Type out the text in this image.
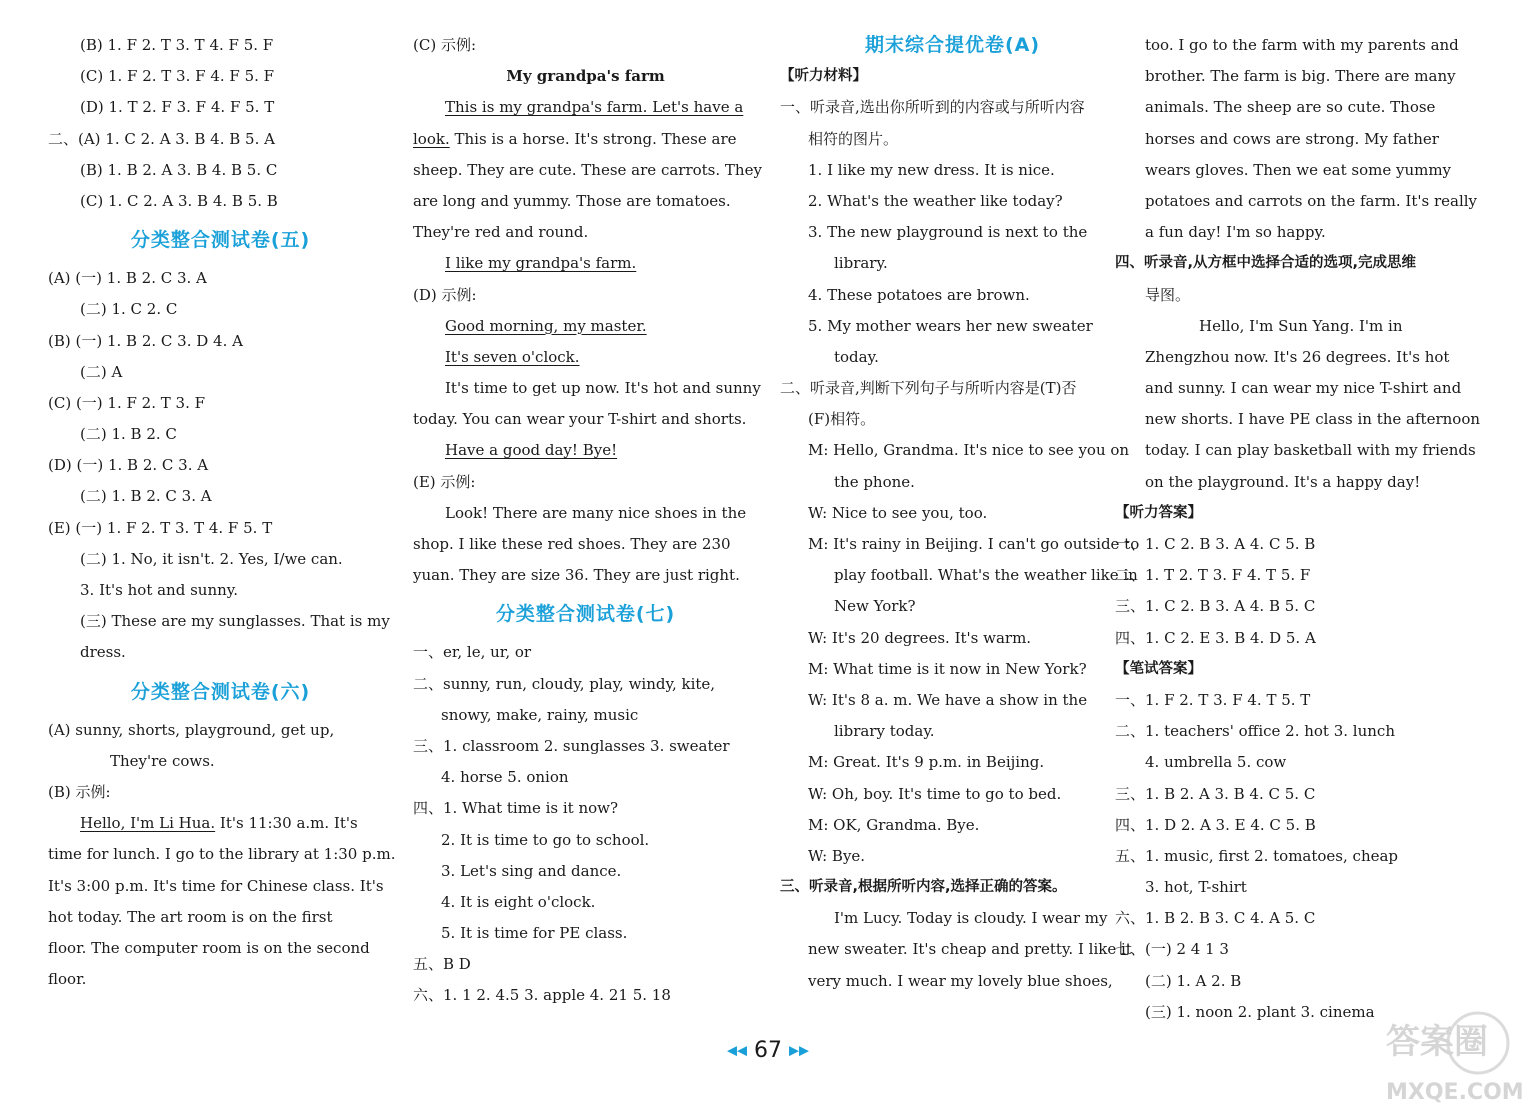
(B) 1. F 2. T 3. T 4. F 5. F
(C) 1. F 2. T 3. F 4. F 5. F
(D) 1. T 2. F 3. F 4. F 5. T
二、(A) 1. C 2. A 3. B 4. B 5. A
(B) 1. B 2. A 3. B 4. B 5. C
(C) 1. C 2. A 3. B 4. B 5. B
分类整合测试卷(五)
(A) (一) 1. B 2. C 3. A
(二) 1. C 2. C
(B) (一) 1. B 2. C 3. D 4. A
(二) A
(C) (一) 1. F 2. T 3. F
(二) 1. B 2. C
(D) (一) 1. B 2. C 3. A
(二) 1. B 2. C 3. A
(E) (一) 1. F 2. T 3. T 4. F 5. T
(二) 1. No, it isn't. 2. Yes, I/we can.
3. It's hot and sunny.
(三) These are my sunglasses. That is my
dress.
分类整合测试卷(六)
(A) sunny, shorts, playground, get up,
They're cows.
(B) 示例:
Hello, I'm Li Hua. It's 11:30 a.m. It's
time for lunch. I go to the library at 1:30 p.m.
It's 3:00 p.m. It's time for Chinese class. It's
hot today. The art room is on the first
floor. The computer room is on the second
floor.
(C) 示例:
My grandpa's farm
This is my grandpa's farm. Let's have a
look. This is a horse. It's strong. These are
sheep. They are cute. These are carrots. They
are long and yummy. Those are tomatoes.
They're red and round.
I like my grandpa's farm.
(D) 示例:
Good morning, my master.
It's seven o'clock.
It's time to get up now. It's hot and sunny
today. You can wear your T-shirt and shorts.
Have a good day! Bye!
(E) 示例:
Look! There are many nice shoes in the
shop. I like these red shoes. They are 230
yuan. They are size 36. They are just right.
分类整合测试卷(七)
一、er, le, ur, or
二、sunny, run, cloudy, play, windy, kite,
snowy, make, rainy, music
三、1. classroom 2. sunglasses 3. sweater
4. horse 5. onion
四、1. What time is it now?
2. It is time to go to school.
3. Let's sing and dance.
4. It is eight o'clock.
5. It is time for PE class.
五、B D
六、1. 1 2. 4.5 3. apple 4. 21 5. 18
期末综合提优卷(A)
【听力材料】
一、听录音,选出你所听到的内容或与所听内容
相符的图片。
1. I like my new dress. It is nice.
2. What's the weather like today?
3. The new playground is next to the
library.
4. These potatoes are brown.
5. My mother wears her new sweater
today.
二、听录音,判断下列句子与所听内容是(T)否
(F)相符。
M: Hello, Grandma. It's nice to see you on
the phone.
W: Nice to see you, too.
M: It's rainy in Beijing. I can't go outside to
play football. What's the weather like in
New York?
W: It's 20 degrees. It's warm.
M: What time is it now in New York?
W: It's 8 a. m. We have a show in the
library today.
M: Great. It's 9 p.m. in Beijing.
W: Oh, boy. It's time to go to bed.
M: OK, Grandma. Bye.
W: Bye.
三、听录音,根据所听内容,选择正确的答案。
I'm Lucy. Today is cloudy. I wear my
new sweater. It's cheap and pretty. I like it
very much. I wear my lovely blue shoes,
too. I go to the farm with my parents and
brother. The farm is big. There are many
animals. The sheep are so cute. Those
horses and cows are strong. My father
wears gloves. Then we eat some yummy
potatoes and carrots on the farm. It's really
a fun day! I'm so happy.
四、听录音,从方框中选择合适的选项,完成思维
导图。
Hello, I'm Sun Yang. I'm in
Zhengzhou now. It's 26 degrees. It's hot
and sunny. I can wear my nice T-shirt and
new shorts. I have PE class in the afternoon
today. I can play basketball with my friends
on the playground. It's a happy day!
【听力答案】
一、1. C 2. B 3. A 4. C 5. B
二、1. T 2. T 3. F 4. T 5. F
三、1. C 2. B 3. A 4. B 5. C
四、1. C 2. E 3. B 4. D 5. A
【笔试答案】
一、1. F 2. T 3. F 4. T 5. T
二、1. teachers' office 2. hot 3. lunch
4. umbrella 5. cow
三、1. B 2. A 3. B 4. C 5. C
四、1. D 2. A 3. E 4. C 5. B
五、1. music, first 2. tomatoes, cheap
3. hot, T-shirt
六、1. B 2. B 3. C 4. A 5. C
七、(一) 2 4 1 3
(二) 1. A 2. B
(三) 1. noon 2. plant 3. cinema
◀◀ 67 ▶▶	答案圈
MXQE.COM
